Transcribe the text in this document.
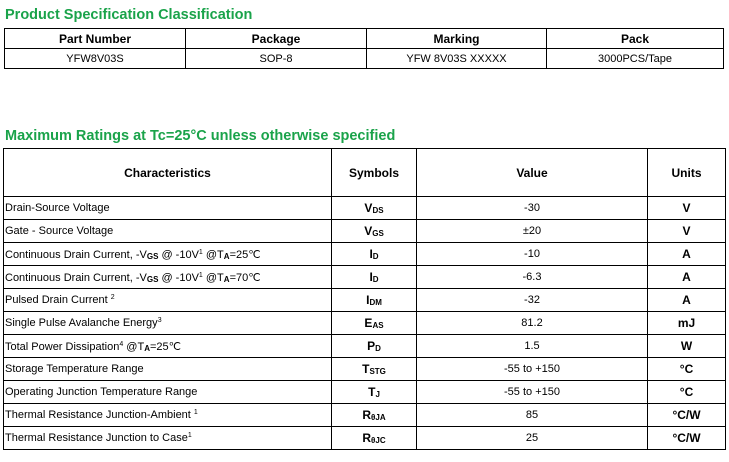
Product Specification Classification
Part Number	Package	Marking	Pack
YFW8V03S	SOP-8	YFW 8V03S XXXXX	3000PCS/Tape
Maximum Ratings at Tc=25°C unless otherwise specified
Characteristics	Symbols	Value	Units
Drain-Source Voltage	$V_{DS}$	-30	V
Gate - Source Voltage	$V_{GS}$	±20	V
Continuous Drain Current, $-V_{GS}$ @ $-10V^1$ $@T_A=25℃$	$I_D$	-10	A
Continuous Drain Current, $-V_{GS}$ @ $-10V^1$ $@T_A=70℃$	$I_D$	-6.3	A
Pulsed Drain Current $^2$	$I_{DM}$	-32	A
Single Pulse Avalanche Energy$^3$	$E_{AS}$	81.2	mJ
Total Power Dissipation$^4$ $@T_A=25℃$	$P_D$	1.5	W
Storage Temperature Range	$T_{STG}$	-55 to +150	°C
Operating Junction Temperature Range	$T_J$	-55 to +150	°C
Thermal Resistance Junction-Ambient $^1$	$R_{\theta JA}$	85	°C/W
Thermal Resistance Junction to Case$^1$	$R_{\theta JC}$	25	°C/W
